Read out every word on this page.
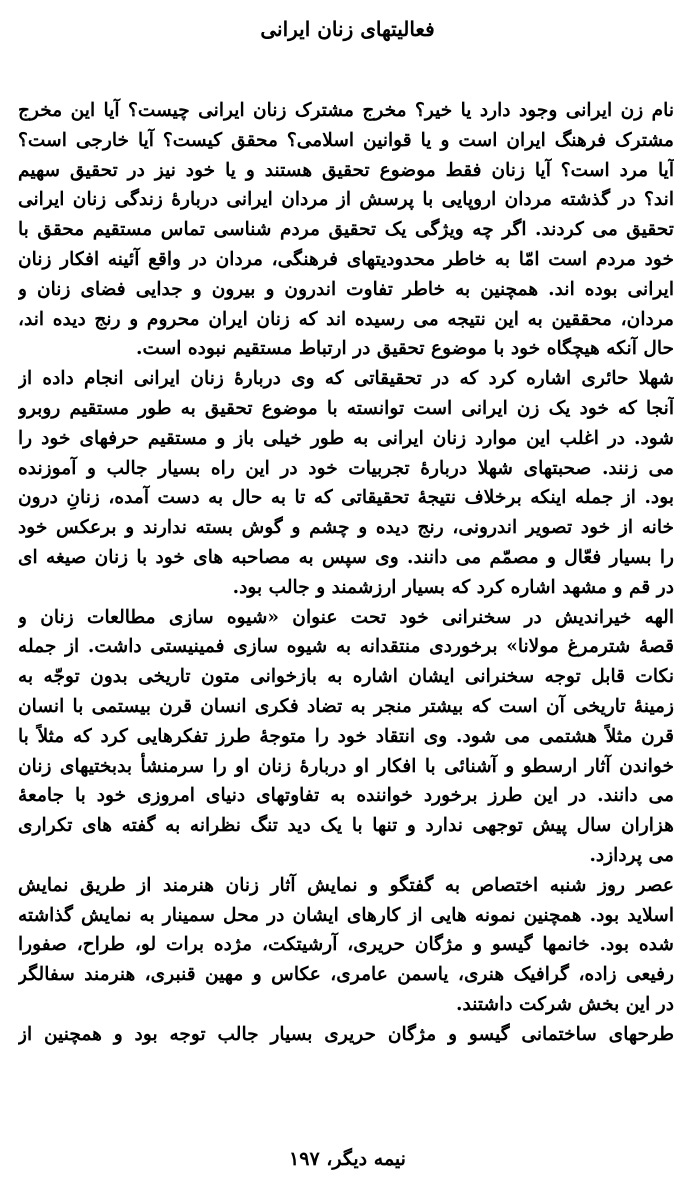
فعالیتهای زنان ایرانی
نام زن ایرانی وجود دارد یا خیر؟ مخرج مشترک زنان ایرانی چیست؟ آیا این مخرج
مشترک فرهنگ ایران است و یا قوانین اسلامی؟ محقق کیست؟ آیا خارجی است؟
آیا مرد است؟ آیا زنان فقط موضوع تحقیق هستند و یا خود نیز در تحقیق سهیم
اند؟ در گذشته مردان اروپایی با پرسش از مردان ایرانی دربارهٔ زندگی زنان ایرانی
تحقیق می کردند. اگر چه ویژگی یک تحقیق مردم شناسی تماس مستقیم محقق با
خود مردم است امّا به خاطر محدودیتهای فرهنگی، مردان در واقع آئینه افکار زنان
ایرانی بوده اند. همچنین به خاطر تفاوت اندرون و بیرون و جدایی فضای زنان و
مردان، محققین به این نتیجه می رسیده اند که زنان ایران محروم و رنج دیده اند،
حال آنکه هیچگاه خود با موضوع تحقیق در ارتباط مستقیم نبوده است.
شهلا حائری اشاره کرد که در تحقیقاتی که وی دربارهٔ زنان ایرانی انجام داده از
آنجا که خود یک زن ایرانی است توانسته با موضوع تحقیق به طور مستقیم روبرو
شود. در اغلب این موارد زنان ایرانی به طور خیلی باز و مستقیم حرفهای خود را
می زنند. صحبتهای شهلا دربارهٔ تجربیات خود در این راه بسیار جالب و آموزنده
بود. از جمله اینکه برخلاف نتیجهٔ تحقیقاتی که تا به حال به دست آمده، زنانِ درون
خانه از خود تصویر اندرونی، رنج دیده و چشم و گوش بسته ندارند و برعکس خود
را بسیار فعّال و مصمّم می دانند. وی سپس به مصاحبه های خود با زنان صیغه ای
در قم و مشهد اشاره کرد که بسیار ارزشمند و جالب بود.
الهه خیراندیش در سخنرانی خود تحت عنوان «شیوه سازی مطالعات زنان و
قصهٔ شترمرغ مولانا» برخوردی منتقدانه به شیوه سازی فمینیستی داشت. از جمله
نکات قابل توجه سخنرانی ایشان اشاره به بازخوانی متون تاریخی بدون توجّه به
زمینهٔ تاریخی آن است که بیشتر منجر به تضاد فکری انسان قرن بیستمی با انسان
قرن مثلاً هشتمی می شود. وی انتقاد خود را متوجهٔ طرز تفکرهایی کرد که مثلاً با
خواندن آثار ارسطو و آشنائی با افکار او دربارهٔ زنان او را سرمنشأ بدبختیهای زنان
می دانند. در این طرز برخورد خواننده به تفاوتهای دنیای امروزی خود با جامعهٔ
هزاران سال پیش توجهی ندارد و تنها با یک دید تنگ نظرانه به گفته های تکراری
می پردازد.
عصر روز شنبه اختصاص به گفتگو و نمایش آثار زنان هنرمند از طریق نمایش
اسلاید بود. همچنین نمونه هایی از کارهای ایشان در محل سمینار به نمایش گذاشته
شده بود. خانمها گیسو و مژگان حریری، آرشیتکت، مژده برات لو، طراح، صفورا
رفیعی زاده، گرافیک هنری، یاسمن عامری، عکاس و مهین قنبری، هنرمند سفالگر
در این بخش شرکت داشتند.
طرحهای ساختمانی گیسو و مژگان حریری بسیار جالب توجه بود و همچنین از
نیمه دیگر، ۱۹۷
